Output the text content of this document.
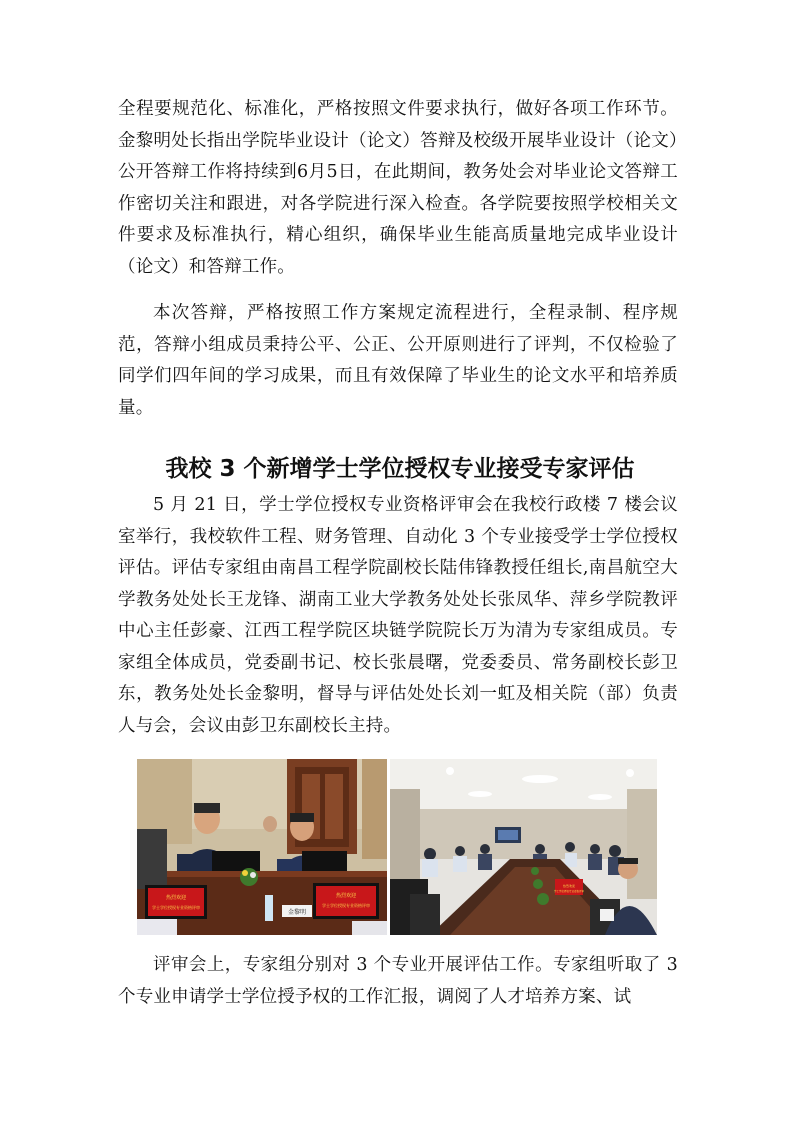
全程要规范化、标准化，严格按照文件要求执行，做好各项工作环节。金黎明处长指出学院毕业设计（论文）答辩及校级开展毕业设计（论文）公开答辩工作将持续到6月5日，在此期间，教务处会对毕业论文答辩工作密切关注和跟进，对各学院进行深入检查。各学院要按照学校相关文件要求及标准执行，精心组织，确保毕业生能高质量地完成毕业设计（论文）和答辩工作。

本次答辩，严格按照工作方案规定流程进行，全程录制、程序规范，答辩小组成员秉持公平、公正、公开原则进行了评判，不仅检验了同学们四年间的学习成果，而且有效保障了毕业生的论文水平和培养质量。

我校 3 个新增学士学位授权专业接受专家评估

5 月 21 日，学士学位授权专业资格评审会在我校行政楼 7 楼会议室举行，我校软件工程、财务管理、自动化 3 个专业接受学士学位授权评估。评估专家组由南昌工程学院副校长陆伟锋教授任组长,南昌航空大学教务处处长王龙锋、湖南工业大学教务处处长张凤华、萍乡学院教评中心主任彭豪、江西工程学院区块链学院院长万为清为专家组成员。专家组全体成员，党委副书记、校长张晨曙，党委委员、常务副校长彭卫东，教务处处长金黎明，督导与评估处处长刘一虹及相关院（部）负责人与会，会议由彭卫东副校长主持。

热烈欢迎
学士学位授权专业资格评审
热烈欢迎
学士学位授权专业资格评审
金黎明
热烈欢迎
学士学位授权专业资格评审

评审会上，专家组分别对 3 个专业开展评估工作。专家组听取了 3 个专业申请学士学位授予权的工作汇报，调阅了人才培养方案、试
